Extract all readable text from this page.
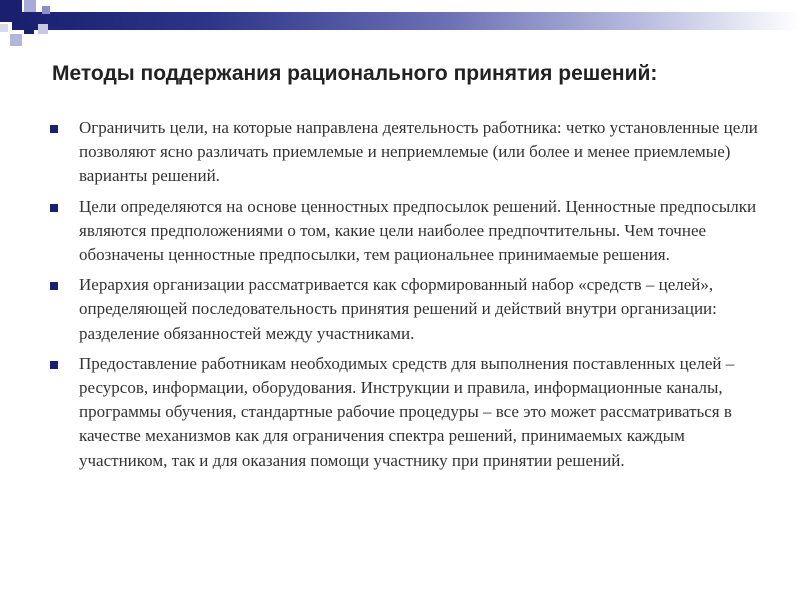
Методы поддержания рационального принятия решений:
Ограничить цели, на которые направлена деятельность работника: четко установленные цели позволяют ясно различать приемлемые и неприемлемые (или более и менее приемлемые) варианты решений.
Цели определяются на основе ценностных предпосылок решений. Ценностные предпосылки являются предположениями о том, какие цели наиболее предпочтительны. Чем точнее обозначены ценностные предпосылки, тем рациональнее принимаемые решения.
Иерархия организации рассматривается как сформированный набор «средств – целей», определяющей последовательность принятия решений и действий внутри организации: разделение обязанностей между участниками.
Предоставление работникам необходимых средств для выполнения поставленных целей – ресурсов, информации, оборудования. Инструкции и правила, информационные каналы, программы обучения, стандартные рабочие процедуры – все это может рассматриваться в качестве механизмов как для ограничения спектра решений, принимаемых каждым участником, так и для оказания помощи участнику при принятии решений.
